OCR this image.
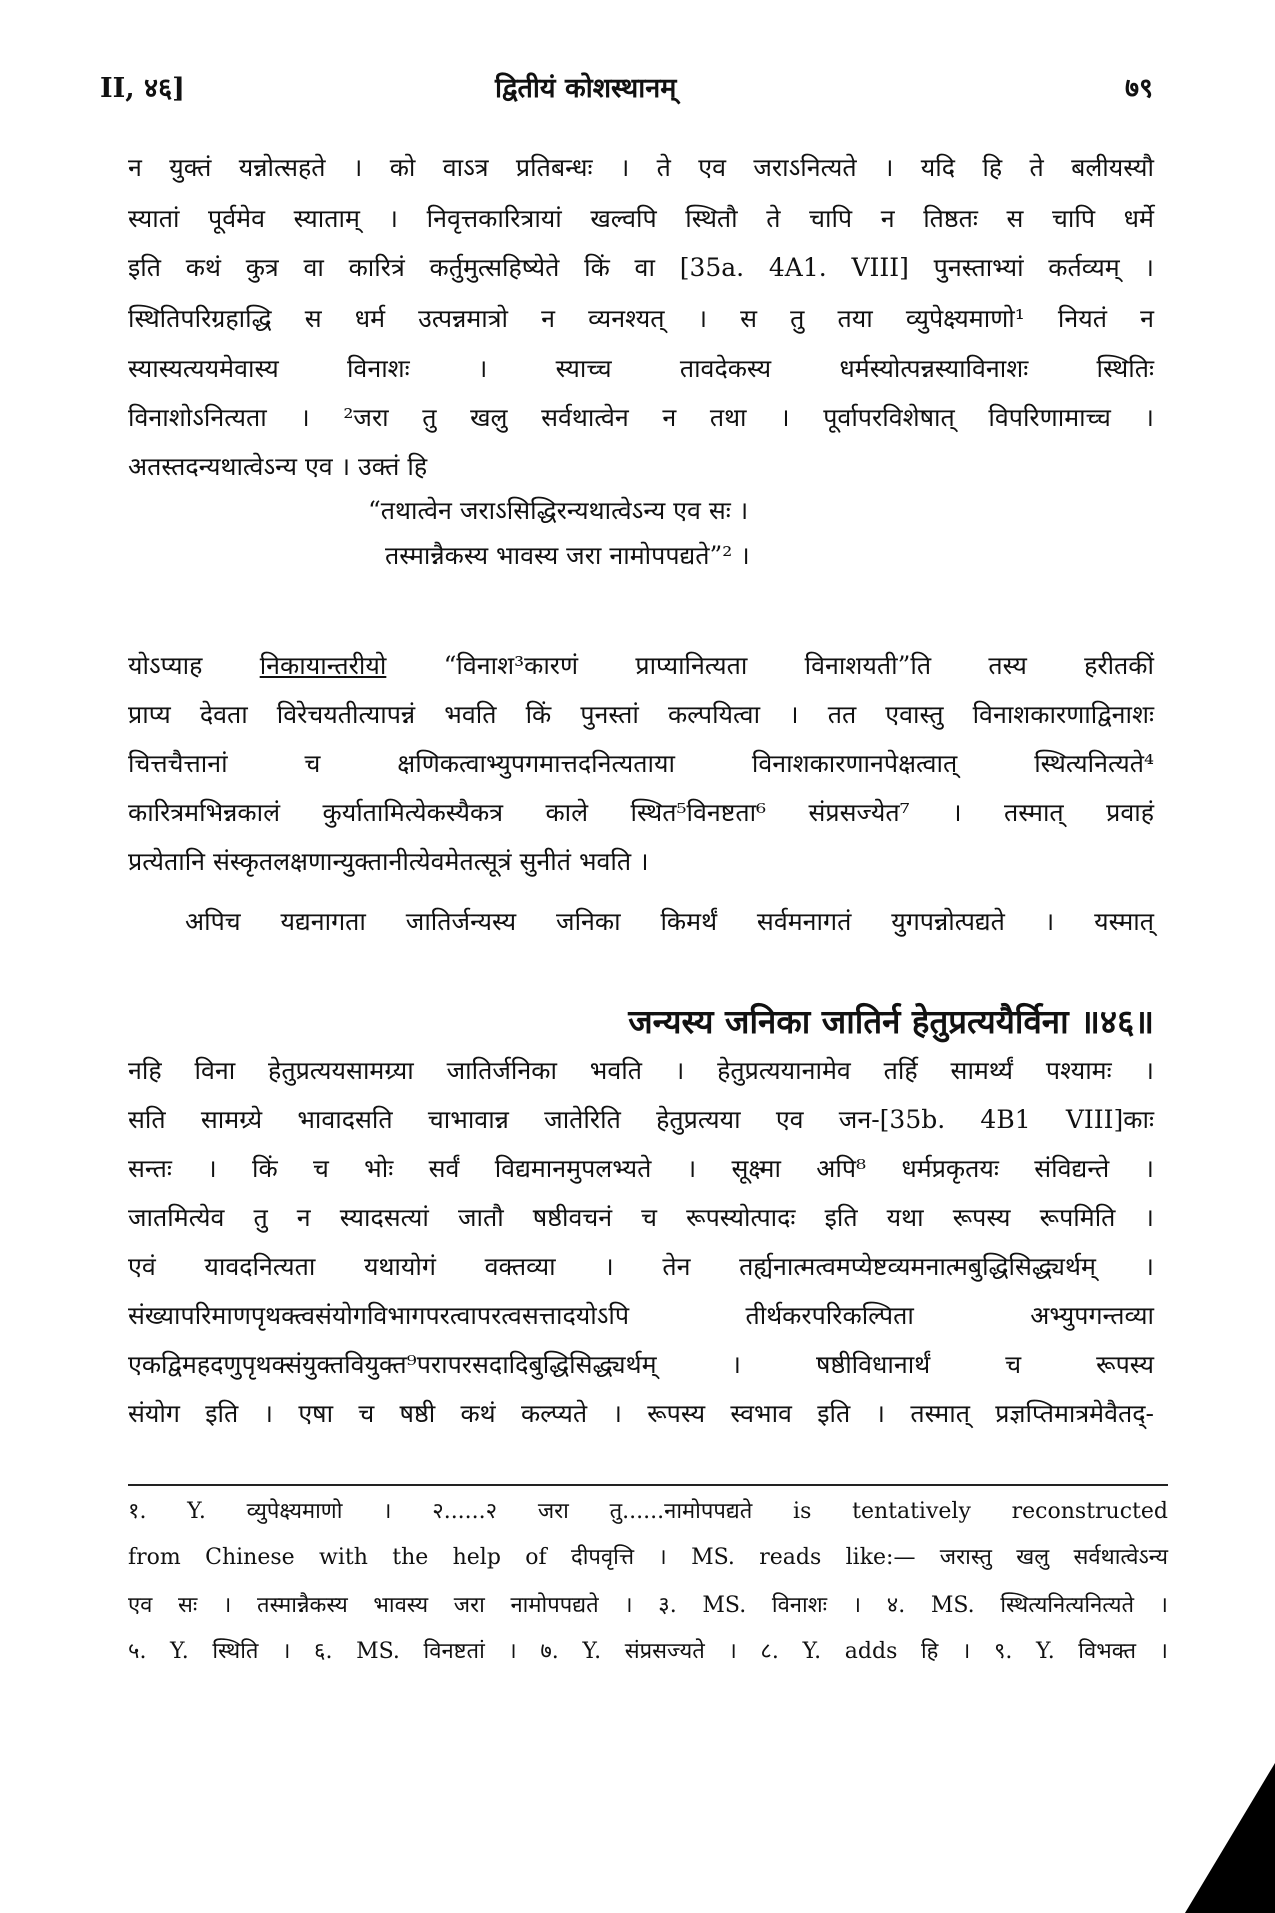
II, ४६]	द्वितीयं कोशस्थानम्	७९
न युक्तं यन्नोत्सहते । को वाऽत्र प्रतिबन्धः । ते एव जराऽनित्यते । यदि हि ते बलीयस्यौ
स्यातां पूर्वमेव स्याताम् । निवृत्तकारित्रायां खल्वपि स्थितौ ते चापि न तिष्ठतः स चापि धर्मे
इति कथं कुत्र वा कारित्रं कर्तुमुत्सहिष्येते किं वा [35a. 4A1. VIII] पुनस्ताभ्यां कर्तव्यम् ।
स्थितिपरिग्रहाद्धि स धर्म उत्पन्नमात्रो न व्यनश्यत् । स तु तया व्युपेक्ष्यमाणो¹ नियतं न
स्यास्यत्ययमेवास्य विनाशः । स्याच्च तावदेकस्य धर्मस्योत्पन्नस्याविनाशः स्थितिः
विनाशोऽनित्यता । ²जरा तु खलु सर्वथात्वेन न तथा । पूर्वापरविशेषात् विपरिणामाच्च ।
अतस्तदन्यथात्वेऽन्य एव । उक्तं हि
“तथात्वेन जराऽसिद्धिरन्यथात्वेऽन्य एव सः ।
तस्मान्नैकस्य भावस्य जरा नामोपपद्यते”² ।
योऽप्याह निकायान्तरीयो “विनाश³कारणं प्राप्यानित्यता विनाशयती”ति तस्य हरीतकीं
प्राप्य देवता विरेचयतीत्यापन्नं भवति किं पुनस्तां कल्पयित्वा । तत एवास्तु विनाशकारणाद्विनाशः
चित्तचैत्तानां च क्षणिकत्वाभ्युपगमात्तदनित्यताया विनाशकारणानपेक्षत्वात् स्थित्यनित्यते⁴
कारित्रमभिन्नकालं कुर्यातामित्येकस्यैकत्र काले स्थित⁵विनष्टता⁶ संप्रसज्येत⁷ । तस्मात् प्रवाहं
प्रत्येतानि संस्कृतलक्षणान्युक्तानीत्येवमेतत्सूत्रं सुनीतं भवति ।
अपिच यद्यनागता जातिर्जन्यस्य जनिका किमर्थं सर्वमनागतं युगपन्नोत्पद्यते । यस्मात्
जन्यस्य जनिका जातिर्न हेतुप्रत्ययैर्विना ॥४६॥
नहि विना हेतुप्रत्ययसामग्र्या जातिर्जनिका भवति । हेतुप्रत्ययानामेव तर्हि सामर्थ्यं पश्यामः ।
सति सामग्र्ये भावादसति चाभावान्न जातेरिति हेतुप्रत्यया एव जन-[35b. 4B1 VIII]काः
सन्तः । किं च भोः सर्वं विद्यमानमुपलभ्यते । सूक्ष्मा अपि⁸ धर्मप्रकृतयः संविद्यन्ते ।
जातमित्येव तु न स्यादसत्यां जातौ षष्ठीवचनं च रूपस्योत्पादः इति यथा रूपस्य रूपमिति ।
एवं यावदनित्यता यथायोगं वक्तव्या । तेन तर्ह्यनात्मत्वमप्येष्टव्यमनात्मबुद्धिसिद्ध्यर्थम् ।
संख्यापरिमाणपृथक्त्वसंयोगविभागपरत्वापरत्वसत्तादयोऽपि तीर्थकरपरिकल्पिता अभ्युपगन्तव्या
एकद्विमहदणुपृथक्संयुक्तवियुक्त⁹परापरसदादिबुद्धिसिद्ध्यर्थम् । षष्ठीविधानार्थं च रूपस्य
संयोग इति । एषा च षष्ठी कथं कल्प्यते । रूपस्य स्वभाव इति । तस्मात् प्रज्ञप्तिमात्रमेवैतद्-
१. Y. व्युपेक्ष्यमाणो । २......२ जरा तु......नामोपपद्यते is tentatively reconstructed
from Chinese with the help of दीपवृत्ति । MS. reads like:— जरास्तु खलु सर्वथात्वेऽन्य
एव सः । तस्मान्नैकस्य भावस्य जरा नामोपपद्यते । ३. MS. विनाशः । ४. MS. स्थित्यनित्यनित्यते ।
५. Y. स्थिति । ६. MS. विनष्टतां । ७. Y. संप्रसज्यते । ८. Y. adds हि । ९. Y. विभक्त ।
